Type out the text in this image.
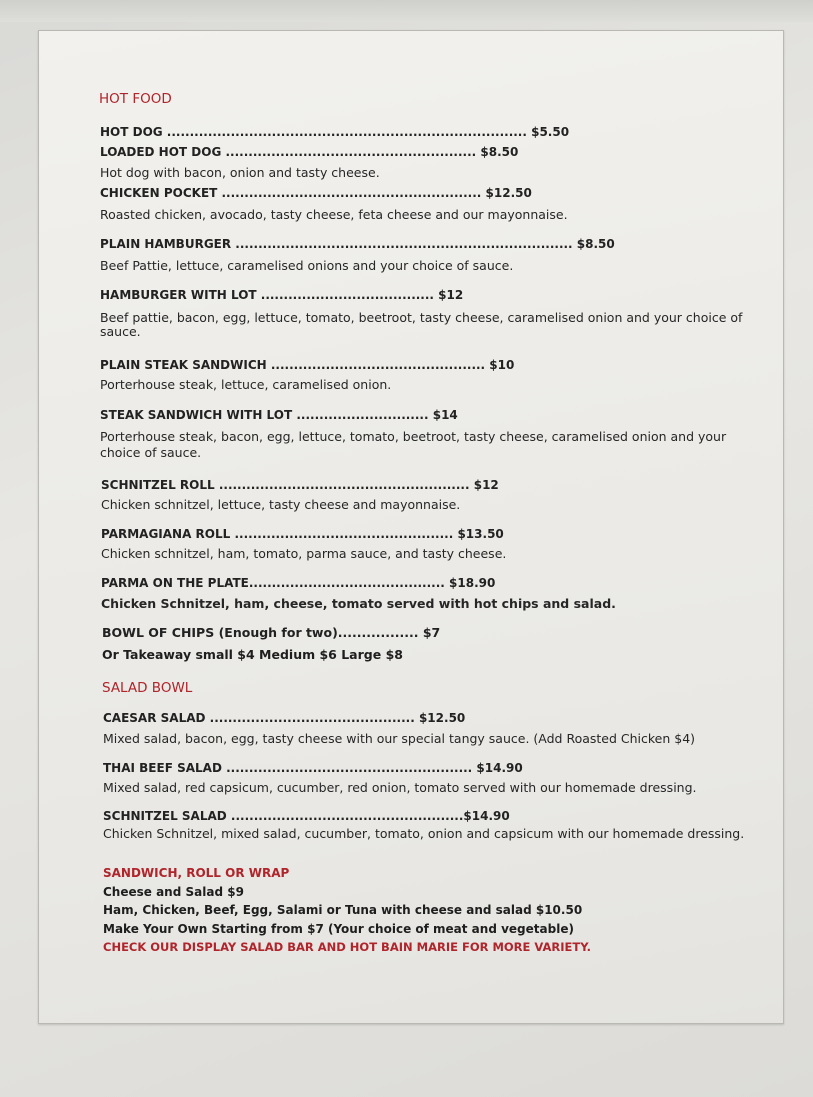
HOT FOOD
HOT DOG ............................................................................... $5.50
LOADED HOT DOG ....................................................... $8.50
Hot dog with bacon, onion and tasty cheese.
CHICKEN POCKET ......................................................... $12.50
Roasted chicken, avocado, tasty cheese, feta cheese and our mayonnaise.
PLAIN HAMBURGER .......................................................................... $8.50
Beef Pattie, lettuce, caramelised onions and your choice of sauce.
HAMBURGER WITH LOT ...................................... $12
Beef pattie, bacon, egg, lettuce, tomato, beetroot, tasty cheese, caramelised onion and your choice of
sauce.
PLAIN STEAK SANDWICH ............................................... $10
Porterhouse steak, lettuce, caramelised onion.
STEAK SANDWICH WITH LOT ............................. $14
Porterhouse steak, bacon, egg, lettuce, tomato, beetroot, tasty cheese, caramelised onion and your
choice of sauce.
SCHNITZEL ROLL ....................................................... $12
Chicken schnitzel, lettuce, tasty cheese and mayonnaise.
PARMAGIANA ROLL ................................................ $13.50
Chicken schnitzel, ham, tomato, parma sauce, and tasty cheese.
PARMA ON THE PLATE........................................... $18.90
Chicken Schnitzel, ham, cheese, tomato served with hot chips and salad.
BOWL OF CHIPS (Enough for two)................. $7
Or Takeaway small $4 Medium $6 Large $8
SALAD BOWL
CAESAR SALAD ............................................. $12.50
Mixed salad, bacon, egg, tasty cheese with our special tangy sauce. (Add Roasted Chicken $4)
THAI BEEF SALAD ...................................................... $14.90
Mixed salad, red capsicum, cucumber, red onion, tomato served with our homemade dressing.
SCHNITZEL SALAD ...................................................$14.90
Chicken Schnitzel, mixed salad, cucumber, tomato, onion and capsicum with our homemade dressing.
SANDWICH, ROLL OR WRAP
Cheese and Salad $9
Ham, Chicken, Beef, Egg, Salami or Tuna with cheese and salad $10.50
Make Your Own Starting from $7 (Your choice of meat and vegetable)
CHECK OUR DISPLAY SALAD BAR AND HOT BAIN MARIE FOR MORE VARIETY.
